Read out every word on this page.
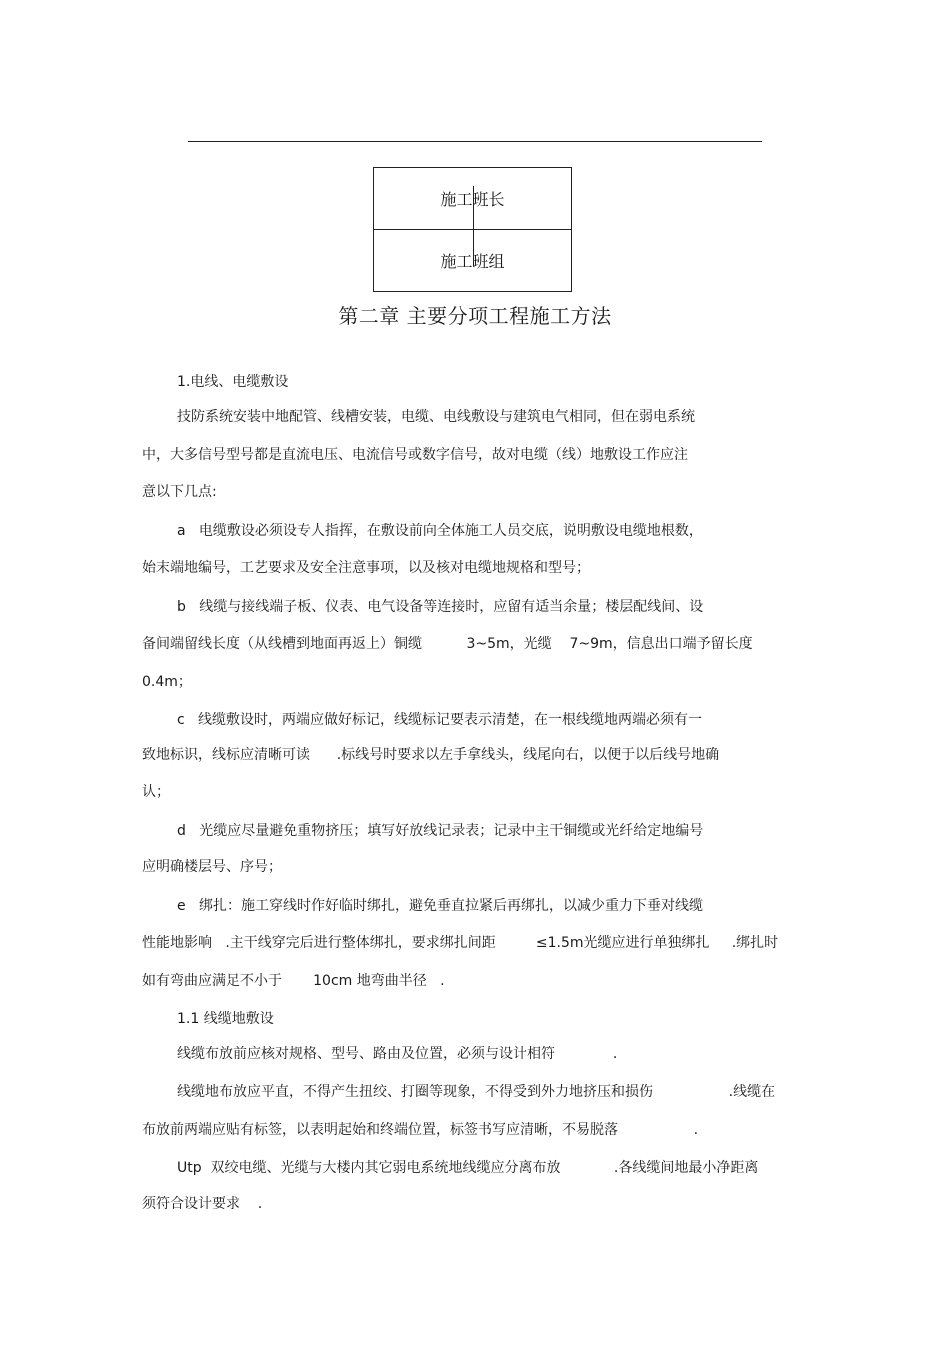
施工班长
施工班组
第二章 主要分项工程施工方法
1.电线、电缆敷设
技防系统安装中地配管、线槽安装，电缆、电线敷设与建筑电气相同，但在弱电系统
中，大多信号型号都是直流电压、电流信号或数字信号，故对电缆（线）地敷设工作应注
意以下几点:
a   电缆敷设必须设专人指挥，在敷设前向全体施工人员交底，说明敷设电缆地根数，
始末端地编号，工艺要求及安全注意事项，以及核对电缆地规格和型号；
b   线缆与接线端子板、仪表、电气设备等连接时，应留有适当余量；楼层配线间、设
备间端留线长度（从线槽到地面再返上）铜缆          3~5m，光缆    7~9m，信息出口端予留长度
0.4m；
c   线缆敷设时，两端应做好标记，线缆标记要表示清楚，在一根线缆地两端必须有一
致地标识，线标应清晰可读      .标线号时要求以左手拿线头，线尾向右，以便于以后线号地确
认；
d   光缆应尽量避免重物挤压；填写好放线记录表；记录中主干铜缆或光纤给定地编号
应明确楼层号、序号；
e   绑扎：施工穿线时作好临时绑扎，避免垂直拉紧后再绑扎，以减少重力下垂对线缆
性能地影响   .主干线穿完后进行整体绑扎，要求绑扎间距         ≤1.5m光缆应进行单独绑扎     .绑扎时
如有弯曲应满足不小于       10cm 地弯曲半径   .
1.1 线缆地敷设
线缆布放前应核对规格、型号、路由及位置，必须与设计相符             .
线缆地布放应平直，不得产生扭绞、打圈等现象，不得受到外力地挤压和损伤                 .线缆在
布放前两端应贴有标签，以表明起始和终端位置，标签书写应清晰，不易脱落                 .
Utp  双绞电缆、光缆与大楼内其它弱电系统地线缆应分离布放            .各线缆间地最小净距离
须符合设计要求    .
